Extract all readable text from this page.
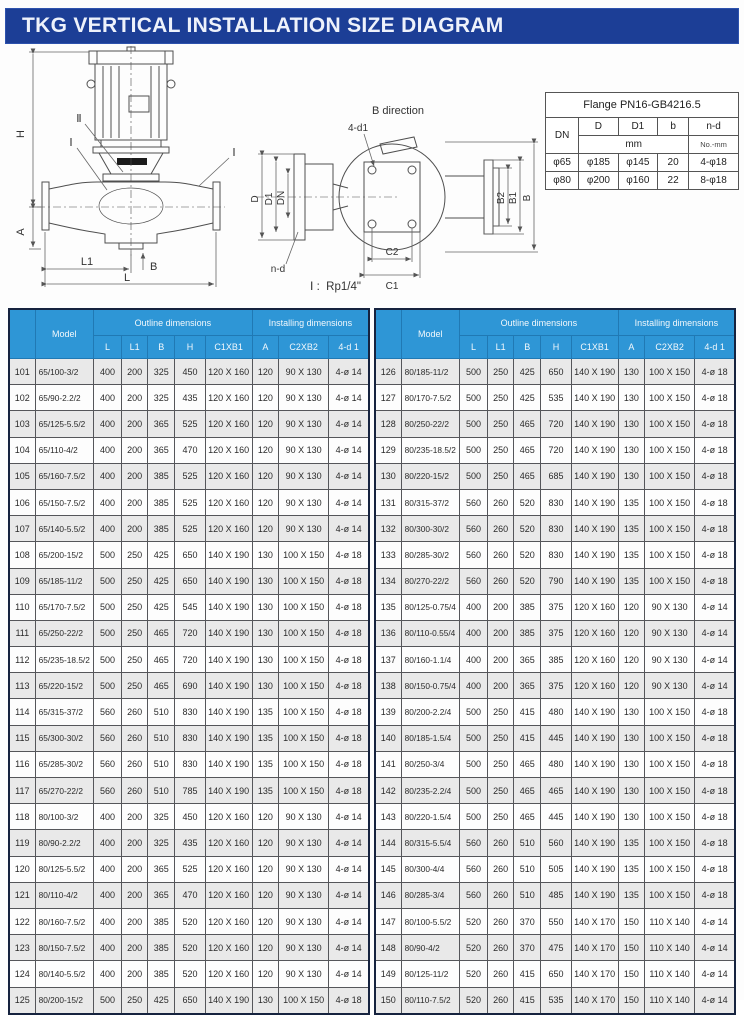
TKG VERTICAL INSTALLATION SIZE DIAGRAM
H
A
L1
L
B
Ⅱ
Ⅰ
Ⅰ
B direction
D D1 DN
4-d1
n-d
C2
C1
B2 B1 B

Ⅰ :  Rp1/4"

Flange PN16-GB4216.5				
DN	D	D1	b	n-d
	mm			No.-mm
φ65	φ185	φ145	20	4-φ18
φ80	φ200	φ160	22	8-φ18
	Model	Outline dimensions					Installing dimensions		
		L	L1	B	H	C1XB1	A	C2XB2	4-d 1
101	65/100-3/2	400	200	325	450	120 X 160	120	90 X 130	4-ø 14
102	65/90-2.2/2	400	200	325	435	120 X 160	120	90 X 130	4-ø 14
103	65/125-5.5/2	400	200	365	525	120 X 160	120	90 X 130	4-ø 14
104	65/110-4/2	400	200	365	470	120 X 160	120	90 X 130	4-ø 14
105	65/160-7.5/2	400	200	385	525	120 X 160	120	90 X 130	4-ø 14
106	65/150-7.5/2	400	200	385	525	120 X 160	120	90 X 130	4-ø 14
107	65/140-5.5/2	400	200	385	525	120 X 160	120	90 X 130	4-ø 14
108	65/200-15/2	500	250	425	650	140 X 190	130	100 X 150	4-ø 18
109	65/185-11/2	500	250	425	650	140 X 190	130	100 X 150	4-ø 18
110	65/170-7.5/2	500	250	425	545	140 X 190	130	100 X 150	4-ø 18
111	65/250-22/2	500	250	465	720	140 X 190	130	100 X 150	4-ø 18
112	65/235-18.5/2	500	250	465	720	140 X 190	130	100 X 150	4-ø 18
113	65/220-15/2	500	250	465	690	140 X 190	130	100 X 150	4-ø 18
114	65/315-37/2	560	260	510	830	140 X 190	135	100 X 150	4-ø 18
115	65/300-30/2	560	260	510	830	140 X 190	135	100 X 150	4-ø 18
116	65/285-30/2	560	260	510	830	140 X 190	135	100 X 150	4-ø 18
117	65/270-22/2	560	260	510	785	140 X 190	135	100 X 150	4-ø 18
118	80/100-3/2	400	200	325	450	120 X 160	120	90 X 130	4-ø 14
119	80/90-2.2/2	400	200	325	435	120 X 160	120	90 X 130	4-ø 14
120	80/125-5.5/2	400	200	365	525	120 X 160	120	90 X 130	4-ø 14
121	80/110-4/2	400	200	365	470	120 X 160	120	90 X 130	4-ø 14
122	80/160-7.5/2	400	200	385	520	120 X 160	120	90 X 130	4-ø 14
123	80/150-7.5/2	400	200	385	520	120 X 160	120	90 X 130	4-ø 14
124	80/140-5.5/2	400	200	385	520	120 X 160	120	90 X 130	4-ø 14
125	80/200-15/2	500	250	425	650	140 X 190	130	100 X 150	4-ø 18
	Model	Outline dimensions					Installing dimensions		
		L	L1	B	H	C1XB1	A	C2XB2	4-d 1
126	80/185-11/2	500	250	425	650	140 X 190	130	100 X 150	4-ø 18
127	80/170-7.5/2	500	250	425	535	140 X 190	130	100 X 150	4-ø 18
128	80/250-22/2	500	250	465	720	140 X 190	130	100 X 150	4-ø 18
129	80/235-18.5/2	500	250	465	720	140 X 190	130	100 X 150	4-ø 18
130	80/220-15/2	500	250	465	685	140 X 190	130	100 X 150	4-ø 18
131	80/315-37/2	560	260	520	830	140 X 190	135	100 X 150	4-ø 18
132	80/300-30/2	560	260	520	830	140 X 190	135	100 X 150	4-ø 18
133	80/285-30/2	560	260	520	830	140 X 190	135	100 X 150	4-ø 18
134	80/270-22/2	560	260	520	790	140 X 190	135	100 X 150	4-ø 18
135	80/125-0.75/4	400	200	385	375	120 X 160	120	90 X 130	4-ø 14
136	80/110-0.55/4	400	200	385	375	120 X 160	120	90 X 130	4-ø 14
137	80/160-1.1/4	400	200	365	385	120 X 160	120	90 X 130	4-ø 14
138	80/150-0.75/4	400	200	365	375	120 X 160	120	90 X 130	4-ø 14
139	80/200-2.2/4	500	250	415	480	140 X 190	130	100 X 150	4-ø 18
140	80/185-1.5/4	500	250	415	445	140 X 190	130	100 X 150	4-ø 18
141	80/250-3/4	500	250	465	480	140 X 190	130	100 X 150	4-ø 18
142	80/235-2.2/4	500	250	465	465	140 X 190	130	100 X 150	4-ø 18
143	80/220-1.5/4	500	250	465	445	140 X 190	130	100 X 150	4-ø 18
144	80/315-5.5/4	560	260	510	560	140 X 190	135	100 X 150	4-ø 18
145	80/300-4/4	560	260	510	505	140 X 190	135	100 X 150	4-ø 18
146	80/285-3/4	560	260	510	485	140 X 190	135	100 X 150	4-ø 18
147	80/100-5.5/2	520	260	370	550	140 X 170	150	110 X 140	4-ø 14
148	80/90-4/2	520	260	370	475	140 X 170	150	110 X 140	4-ø 14
149	80/125-11/2	520	260	415	650	140 X 170	150	110 X 140	4-ø 14
150	80/110-7.5/2	520	260	415	535	140 X 170	150	110 X 140	4-ø 14
